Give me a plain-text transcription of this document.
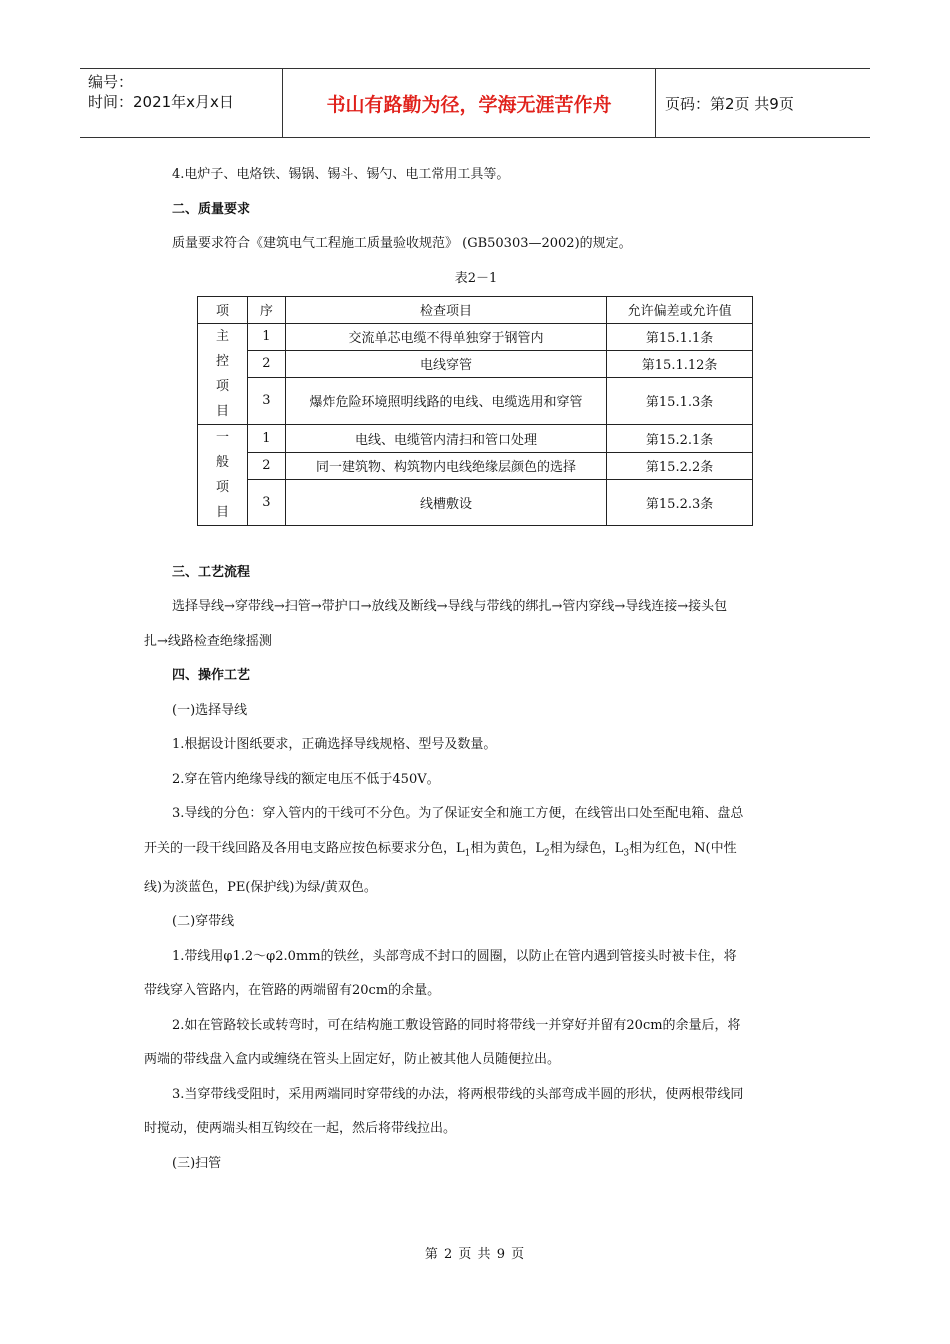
编号：
时间：2021年x月x日	书山有路勤为径，学海无涯苦作舟	页码：第2页 共9页

4.电炉子、电烙铁、锡锅、锡斗、锡勺、电工常用工具等。

二、质量要求

质量要求符合《建筑电气工程施工质量验收规范》 (GB50303—2002)的规定。

表2－1

项	序	检查项目	允许偏差或允许值

主
控
项
目	1	交流单芯电缆不得单独穿于钢管内	第15.1.1条
	2	电线穿管	第15.1.12条
	3	爆炸危险环境照明线路的电线、电缆选用和穿管	第15.1.3条

一
般
项
目	1	电线、电缆管内清扫和管口处理	第15.2.1条
	2	同一建筑物、构筑物内电线绝缘层颜色的选择	第15.2.2条
	3	线槽敷设	第15.2.3条

三、工艺流程

选择导线→穿带线→扫管→带护口→放线及断线→导线与带线的绑扎→管内穿线→导线连接→接头包

扎→线路检查绝缘摇测

四、操作工艺

(一)选择导线

1.根据设计图纸要求，正确选择导线规格、型号及数量。

2.穿在管内绝缘导线的额定电压不低于450V。

3.导线的分色：穿入管内的干线可不分色。为了保证安全和施工方便，在线管出口处至配电箱、盘总

开关的一段干线回路及各用电支路应按色标要求分色，$L_1$相为黄色，$L_2$相为绿色，$L_3$相为红色，N(中性

线)为淡蓝色，PE(保护线)为绿/黄双色。

(二)穿带线

1.带线用φ1.2～φ2.0mm的铁丝，头部弯成不封口的圆圈，以防止在管内遇到管接头时被卡住，将

带线穿入管路内，在管路的两端留有20cm的余量。

2.如在管路较长或转弯时，可在结构施工敷设管路的同时将带线一并穿好并留有20cm的余量后，将

两端的带线盘入盒内或缠绕在管头上固定好，防止被其他人员随便拉出。

3.当穿带线受阻时，采用两端同时穿带线的办法，将两根带线的头部弯成半圆的形状，使两根带线同

时搅动，使两端头相互钩绞在一起，然后将带线拉出。

(三)扫管

第 2 页 共 9 页
